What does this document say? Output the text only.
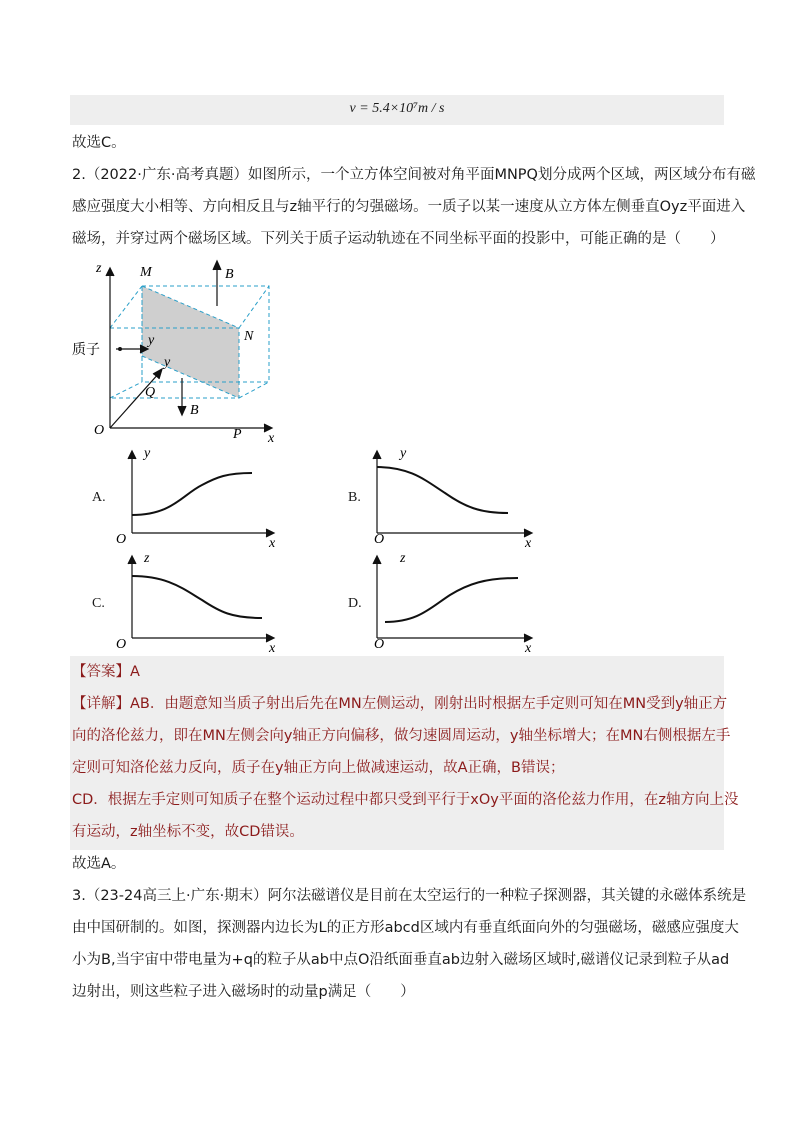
v = 5.4×10⁷m / s
故选C。
2.（2022·广东·高考真题）如图所示，一个立方体空间被对角平面MNPQ划分成两个区域，两区域分布有磁
感应强度大小相等、方向相反且与z轴平行的匀强磁场。一质子以某一速度从立方体左侧垂直Oyz平面进入
磁场，并穿过两个磁场区域。下列关于质子运动轨迹在不同坐标平面的投影中，可能正确的是（　　）
z	M	B
N
质子
y
y
Q
B
O	P x
A.
y
x
O
B.
y
x
O
C.
z
x
O
D.
z
x
O
【答案】A
【详解】AB．由题意知当质子射出后先在MN左侧运动，刚射出时根据左手定则可知在MN受到y轴正方
向的洛伦兹力，即在MN左侧会向y轴正方向偏移，做匀速圆周运动，y轴坐标增大；在MN右侧根据左手
定则可知洛伦兹力反向，质子在y轴正方向上做减速运动，故A正确，B错误；
CD．根据左手定则可知质子在整个运动过程中都只受到平行于xOy平面的洛伦兹力作用，在z轴方向上没
有运动，z轴坐标不变，故CD错误。
故选A。
3.（23-24高三上·广东·期末）阿尔法磁谱仪是目前在太空运行的一种粒子探测器，其关键的永磁体系统是
由中国研制的。如图，探测器内边长为L的正方形abcd区域内有垂直纸面向外的匀强磁场，磁感应强度大
小为B,当宇宙中带电量为+q的粒子从ab中点O沿纸面垂直ab边射入磁场区域时,磁谱仪记录到粒子从ad
边射出，则这些粒子进入磁场时的动量p满足（　　）
